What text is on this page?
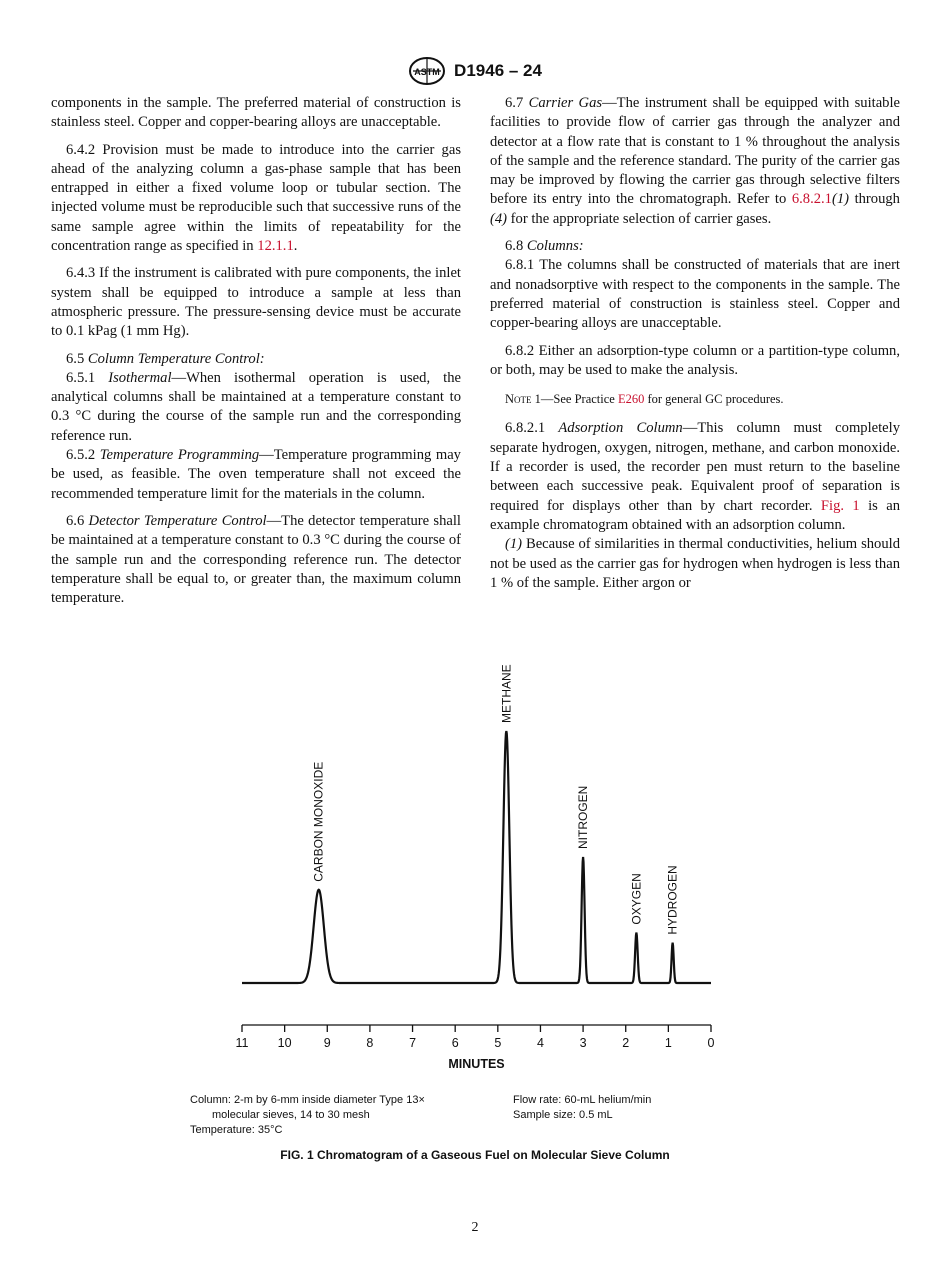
ASTM D1946 – 24

components in the sample. The preferred material of construction is stainless steel. Copper and copper-bearing alloys are unacceptable.

6.4.2 Provision must be made to introduce into the carrier gas ahead of the analyzing column a gas-phase sample that has been entrapped in either a fixed volume loop or tubular section. The injected volume must be reproducible such that successive runs of the same sample agree within the limits of repeatability for the concentration range as specified in 12.1.1.

6.4.3 If the instrument is calibrated with pure components, the inlet system shall be equipped to introduce a sample at less than atmospheric pressure. The pressure-sensing device must be accurate to 0.1 kPag (1 mm Hg).

6.5 Column Temperature Control:

6.5.1 Isothermal—When isothermal operation is used, the analytical columns shall be maintained at a temperature constant to 0.3 °C during the course of the sample run and the corresponding reference run.

6.5.2 Temperature Programming—Temperature programming may be used, as feasible. The oven temperature shall not exceed the recommended temperature limit for the materials in the column.

6.6 Detector Temperature Control—The detector temperature shall be maintained at a temperature constant to 0.3 °C during the course of the sample run and the corresponding reference run. The detector temperature shall be equal to, or greater than, the maximum column temperature.

6.7 Carrier Gas—The instrument shall be equipped with suitable facilities to provide flow of carrier gas through the analyzer and detector at a flow rate that is constant to 1 % throughout the analysis of the sample and the reference standard. The purity of the carrier gas may be improved by flowing the carrier gas through selective filters before its entry into the chromatograph. Refer to 6.8.2.1(1) through (4) for the appropriate selection of carrier gases.

6.8 Columns:

6.8.1 The columns shall be constructed of materials that are inert and nonadsorptive with respect to the components in the sample. The preferred material of construction is stainless steel. Copper and copper-bearing alloys are unacceptable.

6.8.2 Either an adsorption-type column or a partition-type column, or both, may be used to make the analysis.

Note 1—See Practice E260 for general GC procedures.

6.8.2.1 Adsorption Column—This column must completely separate hydrogen, oxygen, nitrogen, methane, and carbon monoxide. If a recorder is used, the recorder pen must return to the baseline between each successive peak. Equivalent proof of separation is required for displays other than by chart recorder. Fig. 1 is an example chromatogram obtained with an adsorption column.

(1) Because of similarities in thermal conductivities, helium should not be used as the carrier gas for hydrogen when hydrogen is less than 1 % of the sample. Either argon or

CARBON MONOXIDE
METHANE
NITROGEN
OXYGEN HYDROGEN
11 10	9	8	7	6	5	4	3	2	1	0
MINUTES
Column: 2-m by 6-mm inside diameter Type 13×
molecular sieves, 14 to 30 mesh
Temperature: 35°C
Flow rate: 60-mL helium/min
Sample size: 0.5 mL
FIG. 1 Chromatogram of a Gaseous Fuel on Molecular Sieve Column
2
